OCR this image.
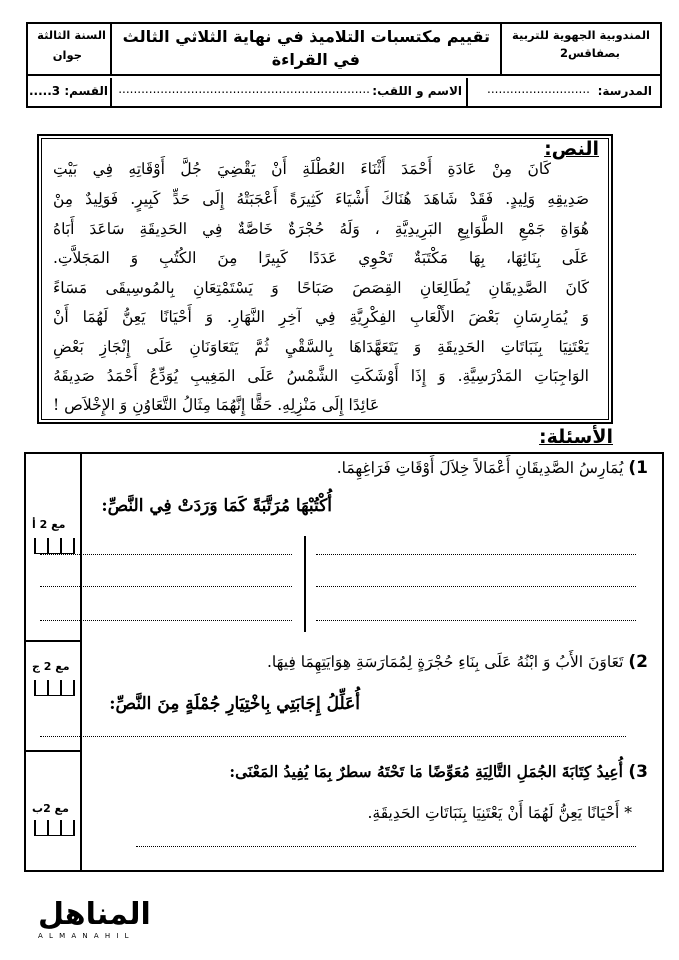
المندوبية الجهوية للتربية
بصفاقس2
تقييم مكتسبات التلاميذ في نهاية الثلاثي الثالث
في القراءة
السنة الثالثة
جوان
المدرسة:
...........................
الاسم و اللقب:
..................................................................
القسم: 3.....
النص:
كَانَ مِنْ عَادَةِ أَحْمَدَ أَثْنَاءَ العُطْلَةِ أَنْ يَقْضِيَ جُلَّ أَوْقَاتِهِ فِي بَيْتِ
صَدِيقِهِ وَلِيدٍ. فَقَدْ شَاهَدَ هُنَاكَ أَشْيَاءَ كَثِيرَةً أَعْجَبَتْهُ إِلَى حَدٍّ كَبِيرٍ. فَوَلِيدٌ مِنْ
هُوَاةِ جَمْعِ الطَّوَابِعِ البَرِيدِيَّةِ ، وَلَهُ حُجْرَةٌ خَاصَّةٌ فِي الحَدِيقَةِ سَاعَدَ أَبَاهُ
عَلَى بِنَائِهَا، بِهَا مَكْتَبَةٌ تَحْوِي عَدَدًا كَبِيرًا مِنَ الكُتُبِ وَ المَجَلاَّتِ.
كَانَ الصَّدِيقَانِ يُطَالِعَانِ القِصَصَ صَبَاحًا وَ يَسْتَمْتِعَانِ بِالمُوسِيقَى مَسَاءً
وَ يُمَارِسَانِ بَعْضَ الأَلْعَابِ الفِكْرِيَّةِ فِي آخِرِ النَّهَارِ. وَ أَحْيَانًا يَعِنُّ لَهُمَا أَنْ
يَعْتَنِيَا بِنَبَاتَاتِ الحَدِيقَةِ وَ يَتَعَهَّدَاهَا بِالسَّقْيِ ثُمَّ يَتَعَاوَنَانِ عَلَى إِنْجَازِ بَعْضِ
الوَاجِبَاتِ المَدْرَسِيَّةِ. وَ إِذَا أَوْشَكَتِ الشَّمْسُ عَلَى المَغِيبِ يُوَدِّعُ أَحْمَدُ صَدِيقَهُ
عَائِدًا إِلَى مَنْزِلِهِ. حَقًّا إِنَّهُمَا مِثَالُ التَّعَاوُنِ وَ الإِخْلاَص !
الأسئلة:
مع 2 أ
مع 2 ج
مع 2ب
1) يُمَارِسُ الصَّدِيقَانِ أَعْمَالاً خِلاَلَ أَوْقَاتِ فَرَاغِهِمَا.
أُكْتُبْهَا مُرَتَّبَةً كَمَا وَرَدَتْ فِي النَّصِّ:
2) تَعَاوَنَ الأَبُ وَ ابْنُهُ عَلَى بِنَاءِ حُجْرَةٍ لِمُمَارَسَةِ هِوَايَتِهِمَا فِيهَا.
أُعَلِّلُ إِجَابَتِي بِاخْتِيَارِ جُمْلَةٍ مِنَ النَّصِّ:
3) أُعِيدُ كِتَابَةَ الجُمَلِ التَّالِيَةِ مُعَوِّضًا مَا تَحْتَهُ سطرٌ بِمَا يُفِيدُ المَعْنَى:
* أَحْيَانًا يَعِنُّ لَهُمَا أَنْ يَعْتَنِيَا بِنَبَاتَاتِ الحَدِيقَةِ.
المناهل
A L M A N A H I L
